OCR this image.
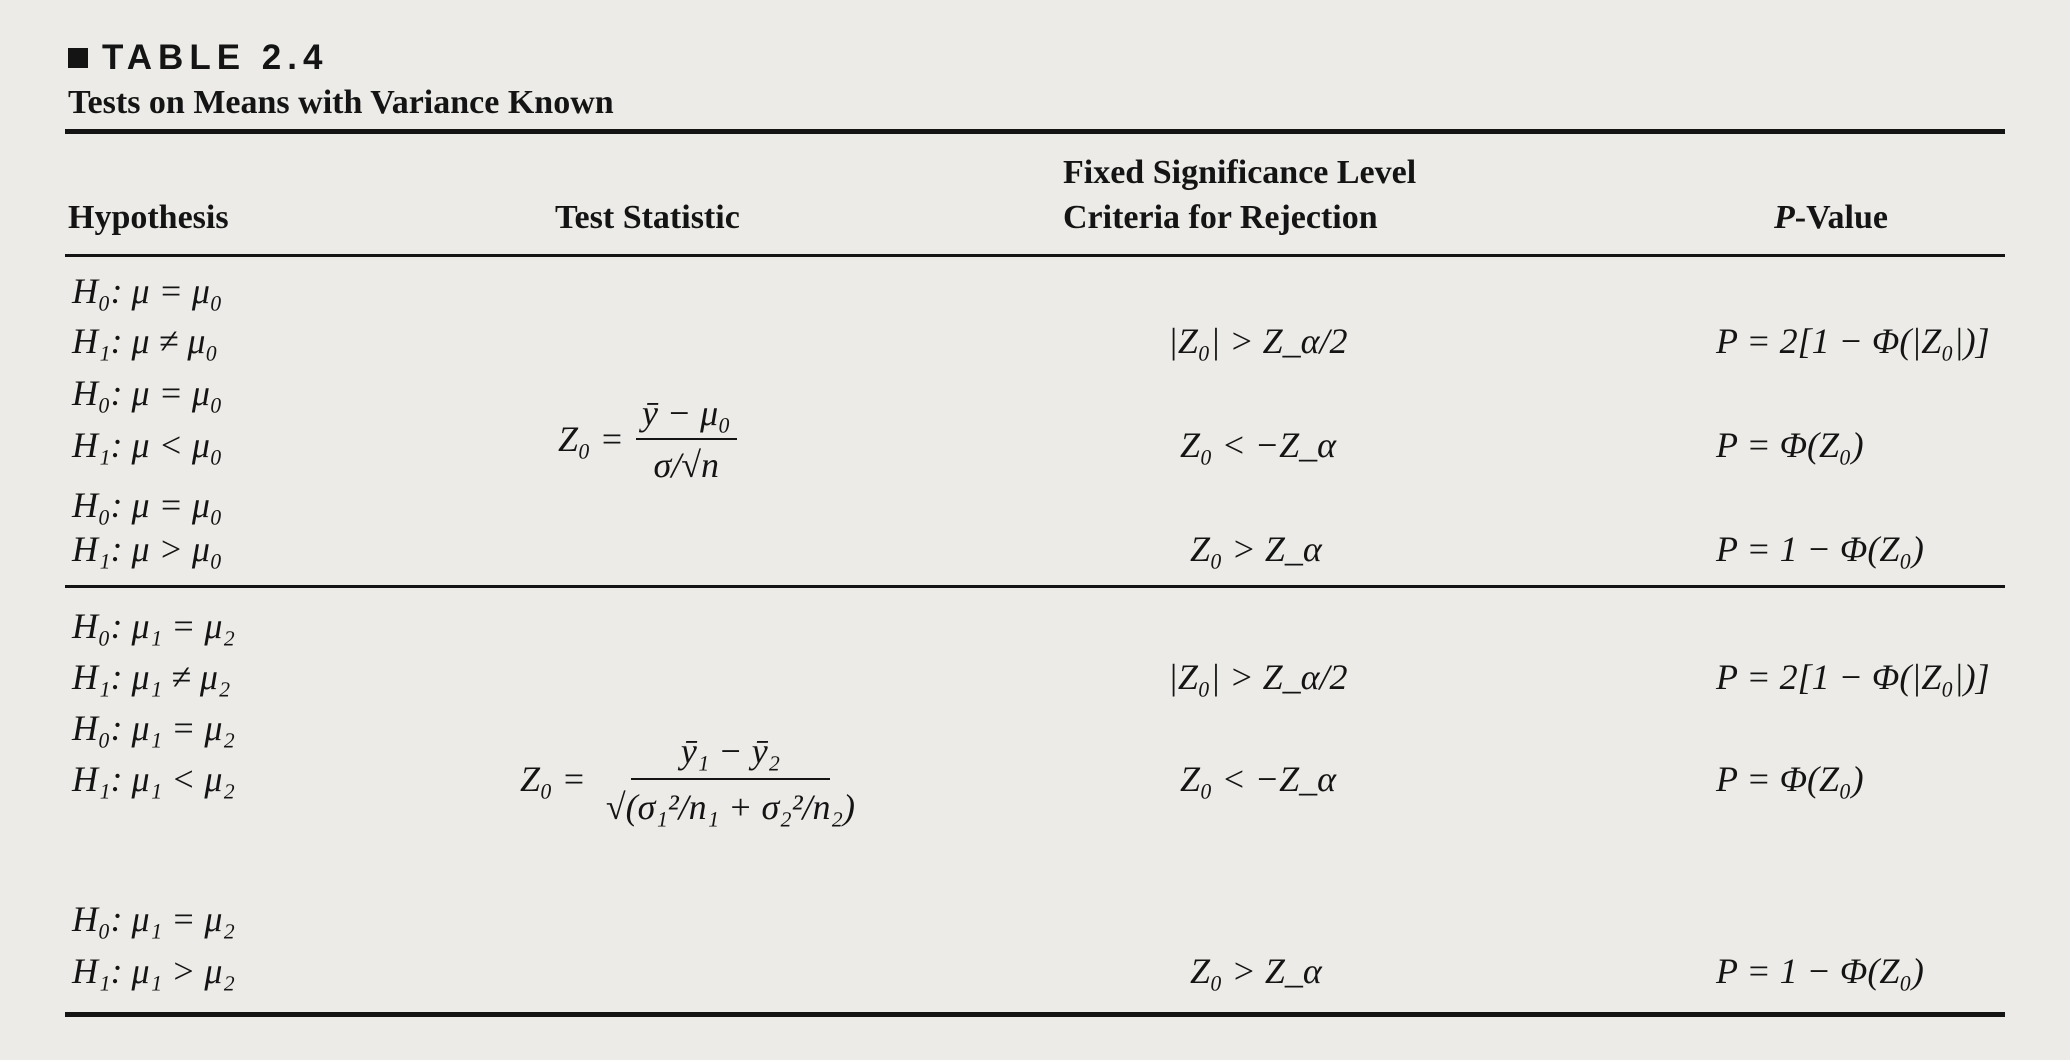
TABLE 2.4
Tests on Means with Variance Known
Hypothesis	Test Statistic
Fixed Significance Level
Criteria for Rejection	P-Value
H₀: μ = μ₀
H₁: μ ≠ μ₀
H₀: μ = μ₀
H₁: μ < μ₀
H₀: μ = μ₀
H₁: μ > μ₀
$Z_0 = \frac{\text{ȳ − μ₀}}{\sigma/√n}$
|Z₀| > Z_α/2
Z₀ < −Z_α
Z₀ > Z_α
P = 2[1 − Φ(|Z₀|)]
P = Φ(Z₀)
P = 1 − Φ(Z₀)
H₀: μ₁ = μ₂
H₁: μ₁ ≠ μ₂
H₀: μ₁ = μ₂
H₁: μ₁ < μ₂
H₀: μ₁ = μ₂
H₁: μ₁ > μ₂
$Z_0 = \frac{\text{ȳ₁ − ȳ₂}}{\text{√(σ₁²/n₁ + σ₂²/n₂)}}$
|Z₀| > Z_α/2
Z₀ < −Z_α
Z₀ > Z_α
P = 2[1 − Φ(|Z₀|)]
P = Φ(Z₀)
P = 1 − Φ(Z₀)
